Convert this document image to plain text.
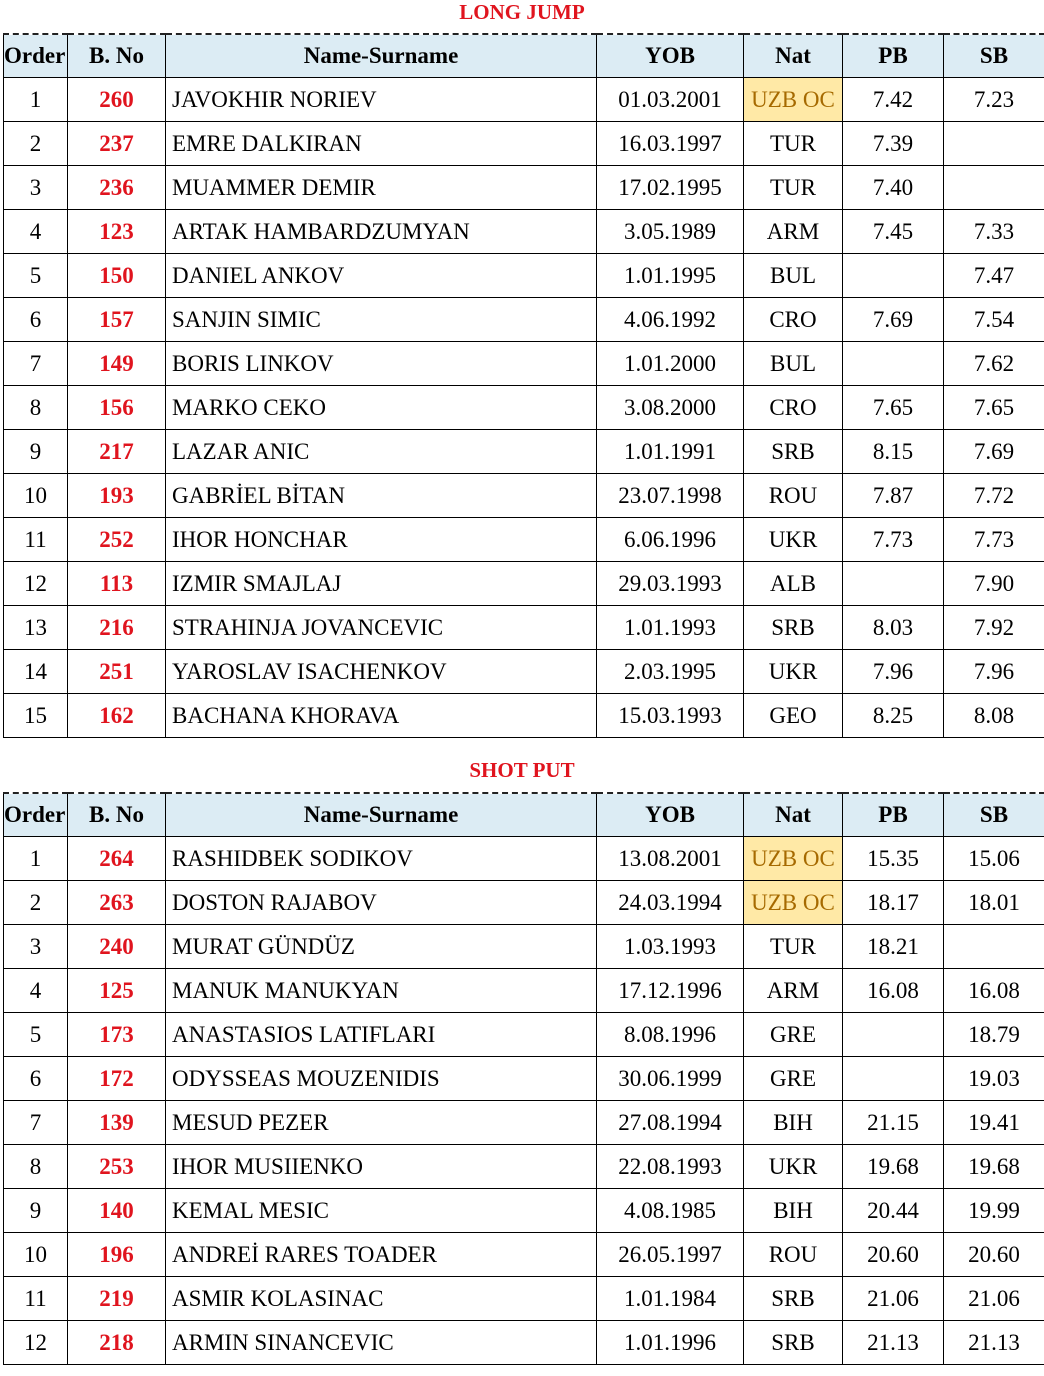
LONG JUMP
Order	B. No	Name-Surname	YOB	Nat	PB	SB
1	260	JAVOKHIR NORIEV	01.03.2001	UZB OC	7.42	7.23
2	237	EMRE DALKIRAN	16.03.1997	TUR	7.39	
3	236	MUAMMER DEMIR	17.02.1995	TUR	7.40	
4	123	ARTAK HAMBARDZUMYAN	3.05.1989	ARM	7.45	7.33
5	150	DANIEL ANKOV	1.01.1995	BUL		7.47
6	157	SANJIN SIMIC	4.06.1992	CRO	7.69	7.54
7	149	BORIS LINKOV	1.01.2000	BUL		7.62
8	156	MARKO CEKO	3.08.2000	CRO	7.65	7.65
9	217	LAZAR ANIC	1.01.1991	SRB	8.15	7.69
10	193	GABRİEL BİTAN	23.07.1998	ROU	7.87	7.72
11	252	IHOR HONCHAR	6.06.1996	UKR	7.73	7.73
12	113	IZMIR SMAJLAJ	29.03.1993	ALB		7.90
13	216	STRAHINJA JOVANCEVIC	1.01.1993	SRB	8.03	7.92
14	251	YAROSLAV ISACHENKOV	2.03.1995	UKR	7.96	7.96
15	162	BACHANA KHORAVA	15.03.1993	GEO	8.25	8.08
SHOT PUT
Order	B. No	Name-Surname	YOB	Nat	PB	SB
1	264	RASHIDBEK SODIKOV	13.08.2001	UZB OC	15.35	15.06
2	263	DOSTON RAJABOV	24.03.1994	UZB OC	18.17	18.01
3	240	MURAT GÜNDÜZ	1.03.1993	TUR	18.21	
4	125	MANUK MANUKYAN	17.12.1996	ARM	16.08	16.08
5	173	ANASTASIOS LATIFLARI	8.08.1996	GRE		18.79
6	172	ODYSSEAS MOUZENIDIS	30.06.1999	GRE		19.03
7	139	MESUD PEZER	27.08.1994	BIH	21.15	19.41
8	253	IHOR MUSIIENKO	22.08.1993	UKR	19.68	19.68
9	140	KEMAL MESIC	4.08.1985	BIH	20.44	19.99
10	196	ANDREİ RARES TOADER	26.05.1997	ROU	20.60	20.60
11	219	ASMIR KOLASINAC	1.01.1984	SRB	21.06	21.06
12	218	ARMIN SINANCEVIC	1.01.1996	SRB	21.13	21.13
